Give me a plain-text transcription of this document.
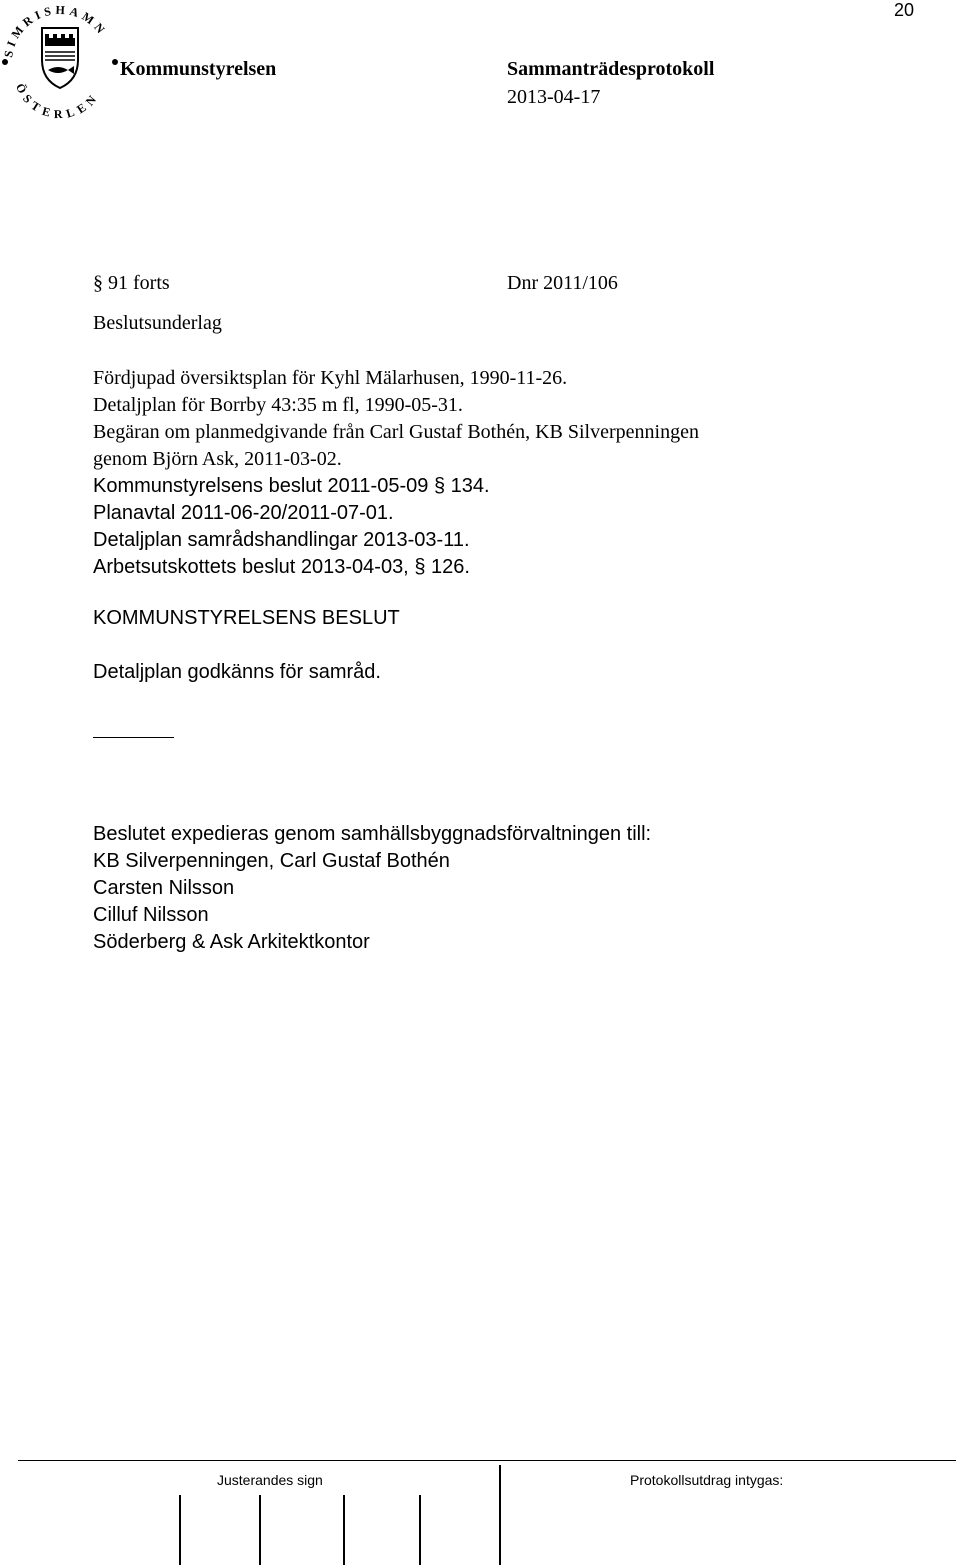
20
SIMRISHAMN
ÖSTERLEN
Kommunstyrelsen	Sammanträdesprotokoll
2013-04-17
§ 91 forts	Dnr 2011/106
Beslutsunderlag
Fördjupad översiktsplan för Kyhl Mälarhusen, 1990-11-26.
Detaljplan för Borrby 43:35 m fl, 1990-05-31.
Begäran om planmedgivande från Carl Gustaf Bothén, KB Silverpenningen
genom Björn Ask, 2011-03-02.
Kommunstyrelsens beslut 2011-05-09 § 134.
Planavtal 2011-06-20/2011-07-01.
Detaljplan samrådshandlingar 2013-03-11.
Arbetsutskottets beslut 2013-04-03, § 126.
KOMMUNSTYRELSENS BESLUT
Detaljplan godkänns för samråd.
Beslutet expedieras genom samhällsbyggnadsförvaltningen till:
KB Silverpenningen, Carl Gustaf Bothén
Carsten Nilsson
Cilluf Nilsson
Söderberg & Ask Arkitektkontor
Justerandes sign	Protokollsutdrag intygas:
